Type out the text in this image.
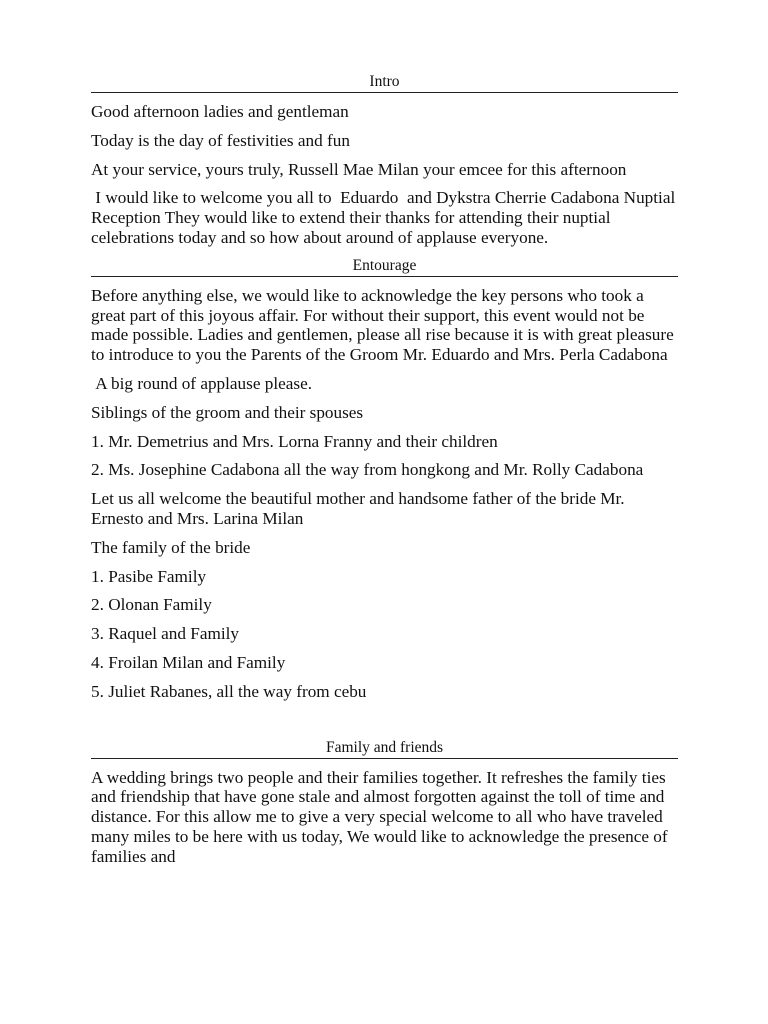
Intro

Good afternoon ladies and gentleman

Today is the day of festivities and fun

At your service, yours truly, Russell Mae Milan your emcee for this afternoon

I would like to welcome you all to  Eduardo  and Dykstra Cherrie Cadabona Nuptial Reception They would like to extend their thanks for attending their nuptial celebrations today and so how about around of applause everyone.

Entourage

Before anything else, we would like to acknowledge the key persons who took a great part of this joyous affair. For without their support, this event would not be made possible. Ladies and gentlemen, please all rise because it is with great pleasure to introduce to you the Parents of the Groom Mr. Eduardo and Mrs. Perla Cadabona

A big round of applause please.

Siblings of the groom and their spouses

1. Mr. Demetrius and Mrs. Lorna Franny and their children

2. Ms. Josephine Cadabona all the way from hongkong and Mr. Rolly Cadabona

Let us all welcome the beautiful mother and handsome father of the bride Mr. Ernesto and Mrs. Larina Milan

The family of the bride

1. Pasibe Family

2. Olonan Family

3. Raquel and Family

4. Froilan Milan and Family

5. Juliet Rabanes, all the way from cebu

Family and friends

A wedding brings two people and their families together. It refreshes the family ties and friendship that have gone stale and almost forgotten against the toll of time and distance. For this allow me to give a very special welcome to all who have traveled many miles to be here with us today, We would like to acknowledge the presence of families and
